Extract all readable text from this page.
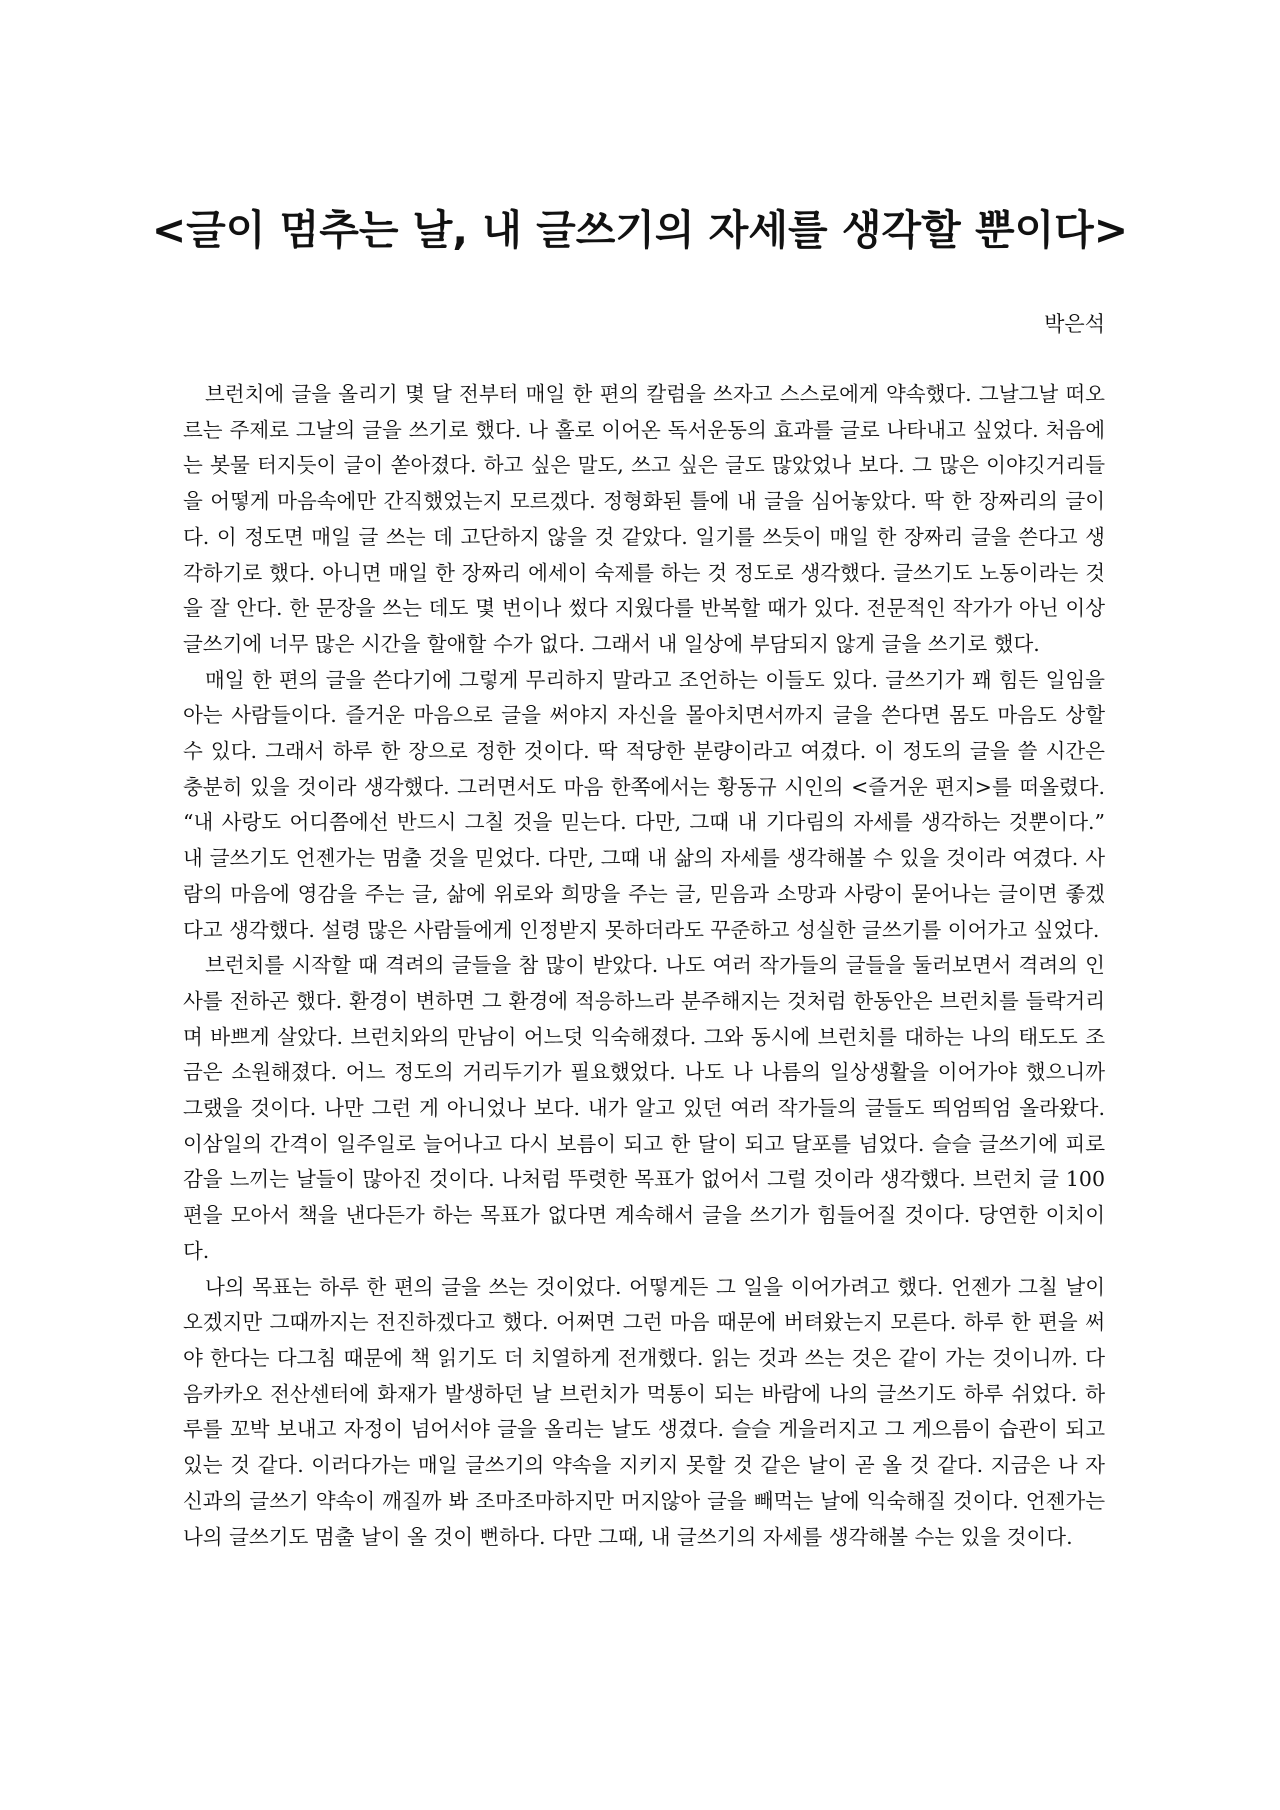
<글이 멈추는 날, 내 글쓰기의 자세를 생각할 뿐이다>
박은석

브런치에 글을 올리기 몇 달 전부터 매일 한 편의 칼럼을 쓰자고 스스로에게 약속했다. 그날그날 떠오르는 주제로 그날의 글을 쓰기로 했다. 나 홀로 이어온 독서운동의 효과를 글로 나타내고 싶었다. 처음에는 봇물 터지듯이 글이 쏟아졌다. 하고 싶은 말도, 쓰고 싶은 글도 많았었나 보다. 그 많은 이야깃거리들을 어떻게 마음속에만 간직했었는지 모르겠다. 정형화된 틀에 내 글을 심어놓았다. 딱 한 장짜리의 글이다. 이 정도면 매일 글 쓰는 데 고단하지 않을 것 같았다. 일기를 쓰듯이 매일 한 장짜리 글을 쓴다고 생각하기로 했다. 아니면 매일 한 장짜리 에세이 숙제를 하는 것 정도로 생각했다. 글쓰기도 노동이라는 것을 잘 안다. 한 문장을 쓰는 데도 몇 번이나 썼다 지웠다를 반복할 때가 있다. 전문적인 작가가 아닌 이상 글쓰기에 너무 많은 시간을 할애할 수가 없다. 그래서 내 일상에 부담되지 않게 글을 쓰기로 했다.

매일 한 편의 글을 쓴다기에 그렇게 무리하지 말라고 조언하는 이들도 있다. 글쓰기가 꽤 힘든 일임을 아는 사람들이다. 즐거운 마음으로 글을 써야지 자신을 몰아치면서까지 글을 쓴다면 몸도 마음도 상할 수 있다. 그래서 하루 한 장으로 정한 것이다. 딱 적당한 분량이라고 여겼다. 이 정도의 글을 쓸 시간은 충분히 있을 것이라 생각했다. 그러면서도 마음 한쪽에서는 황동규 시인의 <즐거운 편지>를 떠올렸다. “내 사랑도 어디쯤에선 반드시 그칠 것을 믿는다. 다만, 그때 내 기다림의 자세를 생각하는 것뿐이다.” 내 글쓰기도 언젠가는 멈출 것을 믿었다. 다만, 그때 내 삶의 자세를 생각해볼 수 있을 것이라 여겼다. 사람의 마음에 영감을 주는 글, 삶에 위로와 희망을 주는 글, 믿음과 소망과 사랑이 묻어나는 글이면 좋겠다고 생각했다. 설령 많은 사람들에게 인정받지 못하더라도 꾸준하고 성실한 글쓰기를 이어가고 싶었다.

브런치를 시작할 때 격려의 글들을 참 많이 받았다. 나도 여러 작가들의 글들을 둘러보면서 격려의 인사를 전하곤 했다. 환경이 변하면 그 환경에 적응하느라 분주해지는 것처럼 한동안은 브런치를 들락거리며 바쁘게 살았다. 브런치와의 만남이 어느덧 익숙해졌다. 그와 동시에 브런치를 대하는 나의 태도도 조금은 소원해졌다. 어느 정도의 거리두기가 필요했었다. 나도 나 나름의 일상생활을 이어가야 했으니까 그랬을 것이다. 나만 그런 게 아니었나 보다. 내가 알고 있던 여러 작가들의 글들도 띄엄띄엄 올라왔다. 이삼일의 간격이 일주일로 늘어나고 다시 보름이 되고 한 달이 되고 달포를 넘었다. 슬슬 글쓰기에 피로감을 느끼는 날들이 많아진 것이다. 나처럼 뚜렷한 목표가 없어서 그럴 것이라 생각했다. 브런치 글 100편을 모아서 책을 낸다든가 하는 목표가 없다면 계속해서 글을 쓰기가 힘들어질 것이다. 당연한 이치이다.

나의 목표는 하루 한 편의 글을 쓰는 것이었다. 어떻게든 그 일을 이어가려고 했다. 언젠가 그칠 날이 오겠지만 그때까지는 전진하겠다고 했다. 어쩌면 그런 마음 때문에 버텨왔는지 모른다. 하루 한 편을 써야 한다는 다그침 때문에 책 읽기도 더 치열하게 전개했다. 읽는 것과 쓰는 것은 같이 가는 것이니까. 다음카카오 전산센터에 화재가 발생하던 날 브런치가 먹통이 되는 바람에 나의 글쓰기도 하루 쉬었다. 하루를 꼬박 보내고 자정이 넘어서야 글을 올리는 날도 생겼다. 슬슬 게을러지고 그 게으름이 습관이 되고 있는 것 같다. 이러다가는 매일 글쓰기의 약속을 지키지 못할 것 같은 날이 곧 올 것 같다. 지금은 나 자신과의 글쓰기 약속이 깨질까 봐 조마조마하지만 머지않아 글을 빼먹는 날에 익숙해질 것이다. 언젠가는 나의 글쓰기도 멈출 날이 올 것이 뻔하다. 다만 그때, 내 글쓰기의 자세를 생각해볼 수는 있을 것이다.
